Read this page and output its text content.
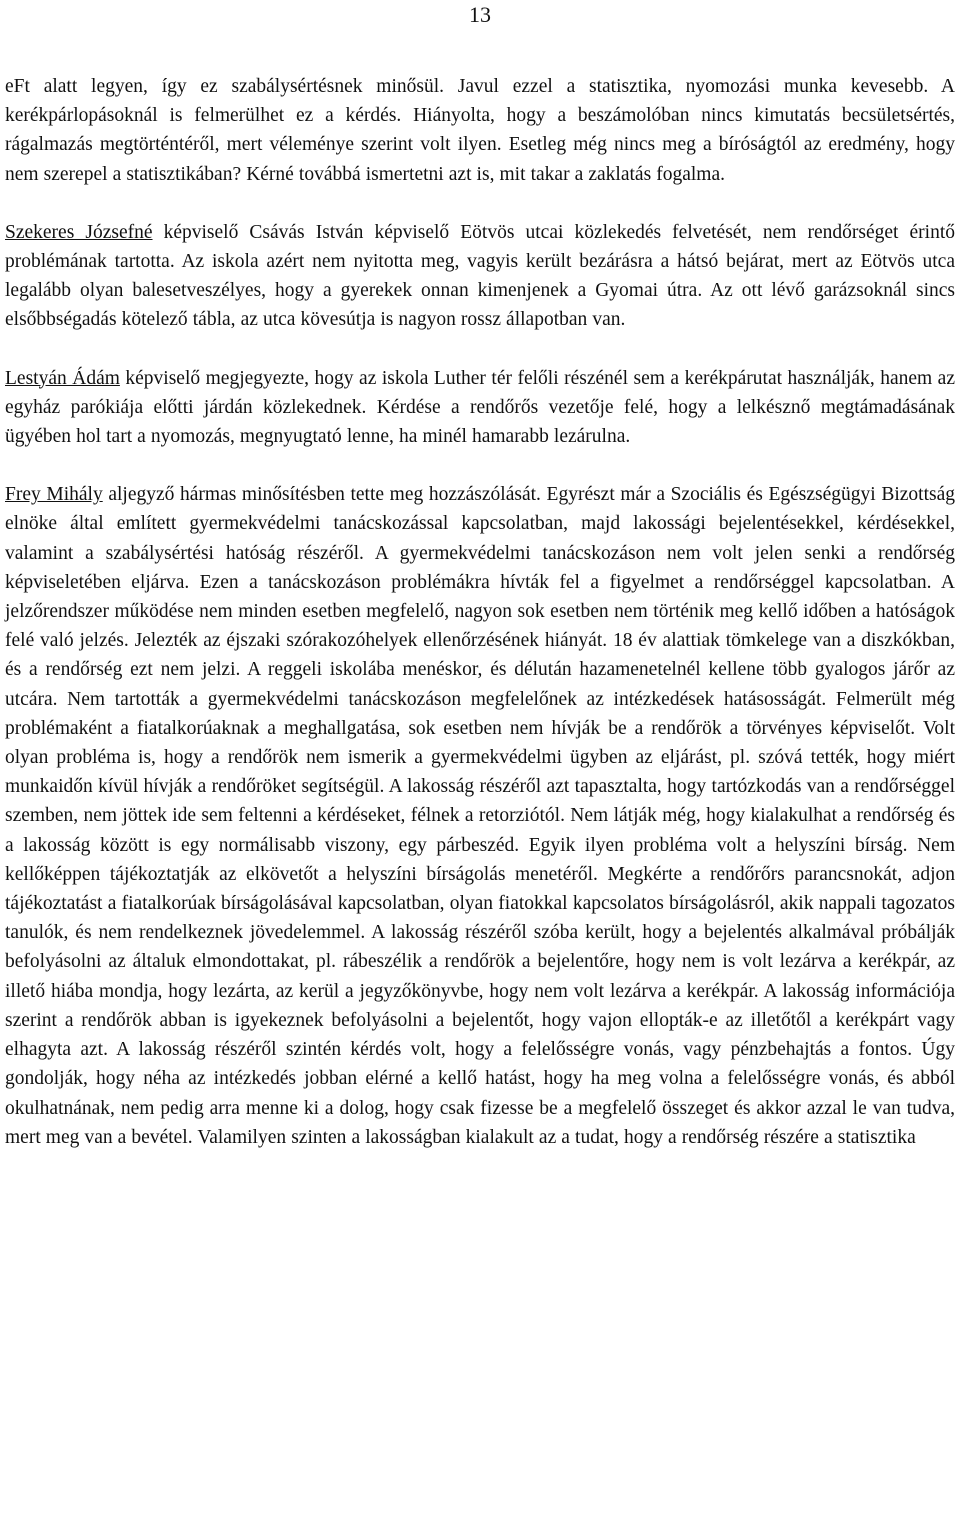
13

eFt alatt legyen, így ez szabálysértésnek minősül. Javul ezzel a statisztika, nyomozási munka kevesebb. A kerékpárlopásoknál is felmerülhet ez a kérdés. Hiányolta, hogy a beszámolóban nincs kimutatás becsületsértés, rágalmazás megtörténtéről, mert véleménye szerint volt ilyen. Esetleg még nincs meg a bíróságtól az eredmény, hogy nem szerepel a statisztikában? Kérné továbbá ismertetni azt is, mit takar a zaklatás fogalma.

Szekeres Józsefné képviselő Csávás István képviselő Eötvös utcai közlekedés felvetését, nem rendőrséget érintő problémának tartotta. Az iskola azért nem nyitotta meg, vagyis került bezárásra a hátsó bejárat, mert az Eötvös utca legalább olyan balesetveszélyes, hogy a gyerekek onnan kimenjenek a Gyomai útra. Az ott lévő garázsoknál sincs elsőbbségadás kötelező tábla, az utca kövesútja is nagyon rossz állapotban van.

Lestyán Ádám képviselő megjegyezte, hogy az iskola Luther tér felőli részénél sem a kerékpárutat használják, hanem az egyház parókiája előtti járdán közlekednek. Kérdése a rendőrős vezetője felé, hogy a lelkésznő megtámadásának ügyében hol tart a nyomozás, megnyugtató lenne, ha minél hamarabb lezárulna.

Frey Mihály aljegyző hármas minősítésben tette meg hozzászólását. Egyrészt már a Szociális és Egészségügyi Bizottság elnöke által említett gyermekvédelmi tanácskozással kapcsolatban, majd lakossági bejelentésekkel, kérdésekkel, valamint a szabálysértési hatóság részéről. A gyermekvédelmi tanácskozáson nem volt jelen senki a rendőrség képviseletében eljárva. Ezen a tanácskozáson problémákra hívták fel a figyelmet a rendőrséggel kapcsolatban. A jelzőrendszer működése nem minden esetben megfelelő, nagyon sok esetben nem történik meg kellő időben a hatóságok felé való jelzés. Jelezték az éjszaki szórakozóhelyek ellenőrzésének hiányát. 18 év alattiak tömkelege van a diszkókban, és a rendőrség ezt nem jelzi. A reggeli iskolába menéskor, és délután hazamenetelnél kellene több gyalogos járőr az utcára. Nem tartották a gyermekvédelmi tanácskozáson megfelelőnek az intézkedések hatásosságát. Felmerült még problémaként a fiatalkorúaknak a meghallgatása, sok esetben nem hívják be a rendőrök a törvényes képviselőt. Volt olyan probléma is, hogy a rendőrök nem ismerik a gyermekvédelmi ügyben az eljárást, pl. szóvá tették, hogy miért munkaidőn kívül hívják a rendőröket segítségül. A lakosság részéről azt tapasztalta, hogy tartózkodás van a rendőrséggel szemben, nem jöttek ide sem feltenni a kérdéseket, félnek a retorziótól. Nem látják még, hogy kialakulhat a rendőrség és a lakosság között is egy normálisabb viszony, egy párbeszéd. Egyik ilyen probléma volt a helyszíni bírság. Nem kellőképpen tájékoztatják az elkövetőt a helyszíni bírságolás menetéről. Megkérte a rendőrőrs parancsnokát, adjon tájékoztatást a fiatalkorúak bírságolásával kapcsolatban, olyan fiatokkal kapcsolatos bírságolásról, akik nappali tagozatos tanulók, és nem rendelkeznek jövedelemmel. A lakosság részéről szóba került, hogy a bejelentés alkalmával próbálják befolyásolni az általuk elmondottakat, pl. rábeszélik a rendőrök a bejelentőre, hogy nem is volt lezárva a kerékpár, az illető hiába mondja, hogy lezárta, az kerül a jegyzőkönyvbe, hogy nem volt lezárva a kerékpár. A lakosság információja szerint a rendőrök abban is igyekeznek befolyásolni a bejelentőt, hogy vajon ellopták-e az illetőtől a kerékpárt vagy elhagyta azt. A lakosság részéről szintén kérdés volt, hogy a felelősségre vonás, vagy pénzbehajtás a fontos. Úgy gondolják, hogy néha az intézkedés jobban elérné a kellő hatást, hogy ha meg volna a felelősségre vonás, és abból okulhatnának, nem pedig arra menne ki a dolog, hogy csak fizesse be a megfelelő összeget és akkor azzal le van tudva, mert meg van a bevétel. Valamilyen szinten a lakosságban kialakult az a tudat, hogy a rendőrség részére a statisztika
